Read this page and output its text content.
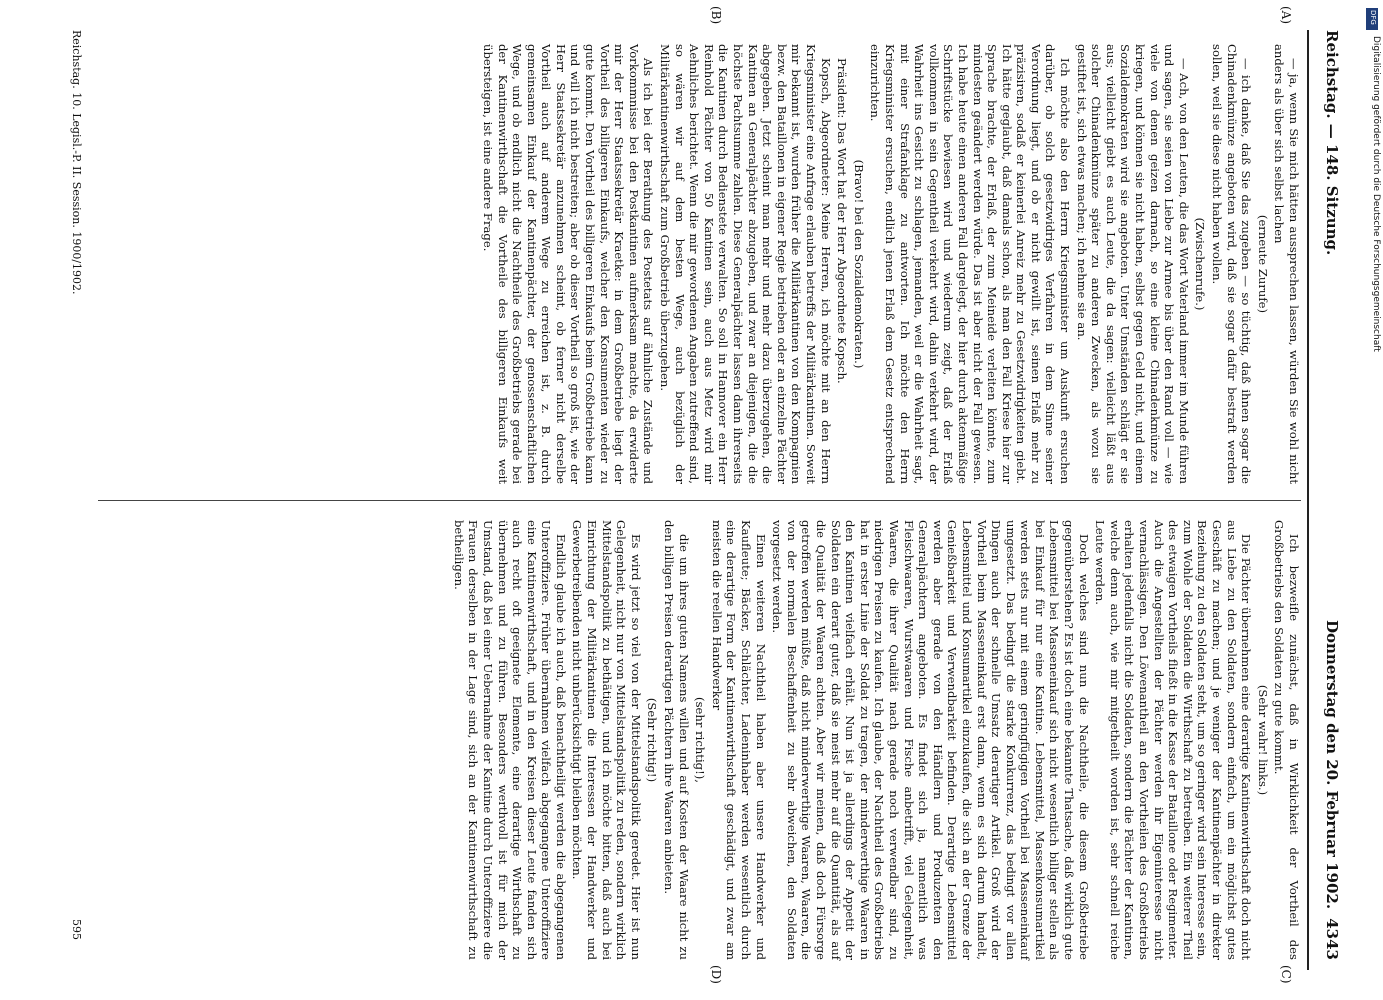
Reichstag. — 148. Sitzung.
Donnerstag den 20. Februar 1902.
4343
(A)
(B)
(C)
(D)

— ja, wenn Sie mich hätten aussprechen lassen, würden Sie wohl nicht anders als über sich selbst lachen

(erneute Zurufe)

— ich danke, daß Sie das zugeben — so tüchtig, daß ihnen sogar die Chinadenkmünze angeboten wird, daß sie sogar dafür bestraft werden sollen, weil sie diese nicht haben wollen.

(Zwischenrufe.)

— Ach, von den Leuten, die das Wort Vaterland immer im Munde führen und sagen, sie seien von Liebe zur Armee bis über den Rand voll — wie viele von denen geizen darnach, so eine kleine Chinadenkmünze zu kriegen, und können sie nicht haben, selbst gegen Geld nicht, und einem Sozialdemokraten wird sie angeboten. Unter Umständen schlägt er sie aus; vielleicht giebt es auch Leute, die da sagen: vielleicht läßt aus solcher Chinadenkmünze später zu anderen Zwecken, als wozu sie gestiftet ist, sich etwas machen; ich nehme sie an.

Ich möchte also den Herrn Kriegsminister um Auskunft ersuchen darüber, ob solch gesetzwidriges Verfahren in dem Sinne seiner Verordnung liegt, und ob er nicht gewillt ist, seinen Erlaß mehr zu präzisiren, sodaß er keinerlei Anreiz mehr zu Gesetzwidrigkeiten giebt. Ich hätte geglaubt, daß damals schon, als man den Fall Kriese hier zur Sprache brachte, der Erlaß, der zum Meineide verleiten könnte, zum mindesten geändert werden würde. Das ist aber nicht der Fall gewesen. Ich habe heute einen anderen Fall dargelegt, der hier durch aktenmäßige Schriftstücke bewiesen wird und wiederum zeigt, daß der Erlaß vollkommen in sein Gegentheil verkehrt wird, dahin verkehrt wird, der Wahrheit ins Gesicht zu schlagen, jemanden, weil er die Wahrheit sagt, mit einer Strafanklage zu antworten. Ich möchte den Herrn Kriegsminister ersuchen, endlich jenen Erlaß dem Gesetz entsprechend einzurichten.

(Bravo! bei den Sozialdemokraten.)

Präsident: Das Wort hat der Herr Abgeordnete Kopsch.

Kopsch, Abgeordneter: Meine Herren, ich möchte mit an den Herrn Kriegsminister eine Anfrage erlauben betreffs der Militärkantinen. Soweit mir bekannt ist, wurden früher die Militärkantinen von den Kompagnien bezw. den Bataillonen in eigener Regie betrieben oder an einzelne Pächter abgegeben. Jetzt scheint man mehr und mehr dazu überzugehen, die Kantinen an Generalpächter abzugeben, und zwar an diejenigen, die die höchste Pachtsumme zahlen. Diese Generalpächter lassen dann ihrerseits die Kantinen durch Bedienstete verwalten. So soll in Hannover ein Herr Reinhold Pächter von 50 Kantinen sein, auch aus Metz wird mir Aehnliches berichtet. Wenn die mir gewordenen Angaben zutreffend sind, so wären wir auf dem besten Wege, auch bezüglich der Militärkantinenwirthschaft zum Großbetrieb überzugehen.

Als ich bei der Berathung des Postetats auf ähnliche Zustände und Vorkommnisse bei den Postkantinen aufmerksam machte, da erwiderte mir der Herr Staatssekretär Kraetke: in dem Großbetriebe liegt der Vortheil des billigeren Einkaufs, welcher den Konsumenten wieder zu gute kommt. Den Vortheil des billigeren Einkaufs beim Großbetriebe kann und will ich nicht bestreiten; aber ob dieser Vortheil so groß ist, wie der Herr Staatssekretär anzunehmen scheint, ob ferner nicht derselbe Vortheil auch auf anderem Wege zu erreichen ist, z. B. durch gemeinsamen Einkauf der Kantinenpächter, der genossenschaftlichen Wege, und ob endlich nicht die Nachtheile des Großbetriebs gerade bei der Kantinenwirthschaft die Vortheile des billigeren Einkaufs weit übersteigen, ist eine andere Frage.

Ich bezweifle zunächst, daß in Wirklichkeit der Vortheil des Großbetriebs den Soldaten zu gute kommt.

(Sehr wahr! links.)

Die Pächter übernehmen eine derartige Kantinenwirthschaft doch nicht aus Liebe zu den Soldaten, sondern einfach, um ein möglichst gutes Geschäft zu machen; und je weniger der Kantinenpächter in direkter Beziehung zu den Soldaten steht, um so geringer wird sein Interesse sein, zum Wohle der Soldaten die Wirthschaft zu betreiben. Ein weiterer Theil des etwaigen Vortheils fließt in die Kasse der Bataillone oder Regimenter. Auch die Angestellten der Pächter werden ihr Eigeninteresse nicht vernachlässigen. Den Löwenantheil an den Vortheilen des Großbetriebs erhalten jedenfalls nicht die Soldaten, sondern die Pächter der Kantinen, welche denn auch, wie mir mitgetheilt worden ist, sehr schnell reiche Leute werden.

Doch welches sind nun die Nachtheile, die diesem Großbetriebe gegenüberstehen? Es ist doch eine bekannte Thatsache, daß wirklich gute Lebensmittel bei Masseneinkauf sich nicht wesentlich billiger stellen als bei Einkauf für nur eine Kantine. Lebensmittel, Massenkonsumartikel werden stets nur mit einem geringfügigen Vortheil bei Masseneinkauf umgesetzt. Das bedingt die starke Konkurrenz, das bedingt vor allen Dingen auch der schnelle Umsatz derartiger Artikel. Groß wird der Vortheil beim Masseneinkauf erst dann, wenn es sich darum handelt, Lebensmittel und Konsumartikel einzukaufen, die sich an der Grenze der Genießbarkeit und Verwendbarkeit befinden. Derartige Lebensmittel werden aber gerade von den Händlern und Produzenten den Generalpächtern angeboten. Es findet sich ja, namentlich was Fleischwaaren, Wurstwaaren und Fische anbetrifft, viel Gelegenheit, Waaren, die ihrer Qualität nach gerade noch verwendbar sind, zu niedrigen Preisen zu kaufen. Ich glaube, der Nachtheil des Großbetriebs hat in erster Linie der Soldat zu tragen, der minderwerthige Waaren in den Kantinen vielfach erhält. Nun ist ja allerdings der Appetit der Soldaten ein derart guter, daß sie meist mehr auf die Quantität, als auf die Qualität der Waaren achten. Aber wir meinen, daß doch Fürsorge getroffen werden müßte, daß nicht minderwerthige Waaren, Waaren, die von der normalen Beschaffenheit zu sehr abweichen, den Soldaten vorgesetzt werden.

Einen weiteren Nachtheil haben aber unsere Handwerker und Kaufleute; Bäcker, Schlächter, Ladeninhaber werden wesentlich durch eine derartige Form der Kantinenwirthschaft geschädigt, und zwar am meisten die reellen Handwerker

(sehr richtig!),

die um ihres guten Namens willen und auf Kosten der Waare nicht zu den billigen Preisen derartigen Pächtern ihre Waaren anbieten.

(Sehr richtig!)

Es wird jetzt so viel von der Mittelstandspolitik geredet. Hier ist nun Gelegenheit, nicht nur von Mittelstandspolitik zu reden, sondern wirklich Mittelstandspolitik zu bethätigen, und ich möchte bitten, daß auch bei Einrichtung der Militärkantinen die Interessen der Handwerker und Gewerbetreibenden nicht unberücksichtigt bleiben möchten.

Endlich glaube ich auch, daß benachtheiligt werden die abgegangenen Unteroffiziere. Früher übernahmen vielfach abgegangene Unteroffiziere eine Kantinenwirthschaft, und in den Kreisen dieser Leute fanden sich auch recht oft geeignete Elemente, eine derartige Wirthschaft zu übernehmen und zu führen. Besonders werthvoll ist für mich der Umstand, daß bei einer Uebernahme der Kantine durch Unteroffiziere die Frauen derselben in der Lage sind, sich an der Kantinenwirthschaft zu betheiligen.

Reichstag. 10. Legisl.-P. II. Session. 1900/1902.
595
DFG
Digitalisierung gefördert durch die Deutsche Forschungsgemeinschaft
